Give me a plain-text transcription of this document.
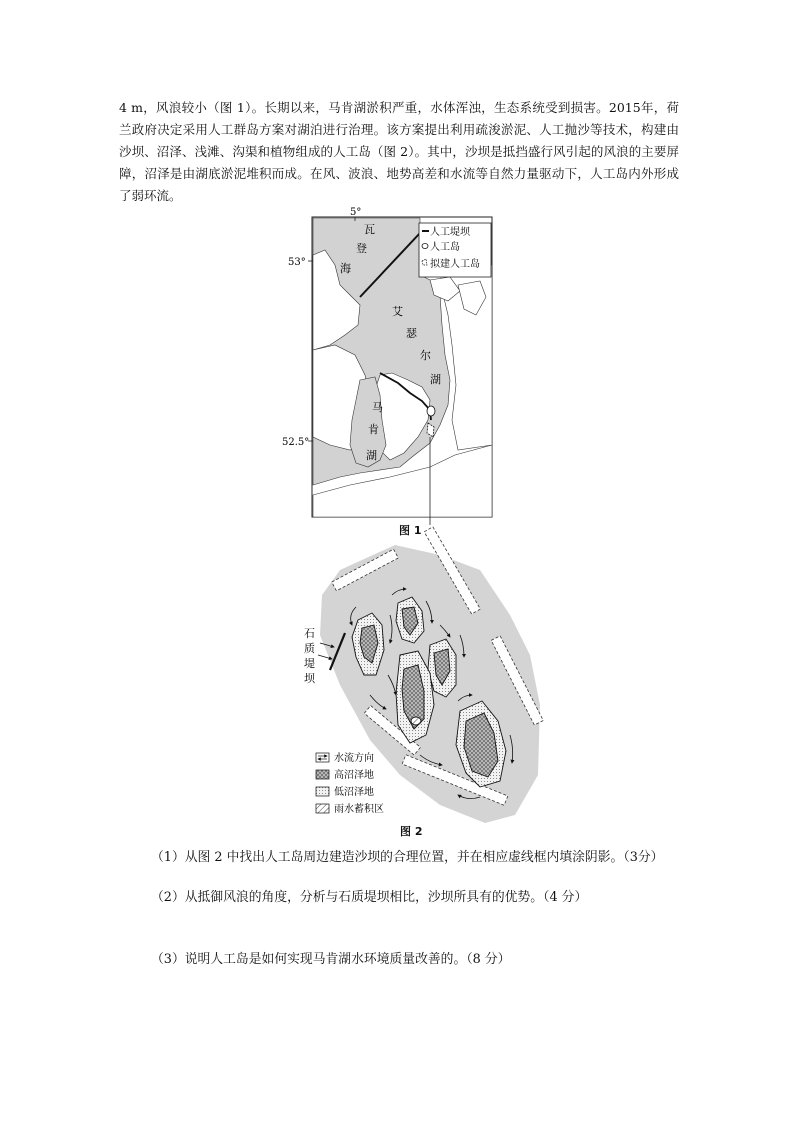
4 m，风浪较小（图 1）。长期以来，马肯湖淤积严重，水体浑浊，生态系统受到损害。2015年，荷兰政府决定采用人工群岛方案对湖泊进行治理。该方案提出利用疏浚淤泥、人工抛沙等技术，构建由沙坝、沼泽、浅滩、沟渠和植物组成的人工岛（图 2）。其中，沙坝是抵挡盛行风引起的风浪的主要屏障，沼泽是由湖底淤泥堆积而成。在风、波浪、地势高差和水流等自然力量驱动下，人工岛内外形成了弱环流。
人工堤坝
人工岛
拟建人工岛
5°
53°
52.5°
瓦
登
海
艾
瑟
尔
湖
马
肯
湖
图 1
石
质
堤
坝
水流方向
高沼泽地
低沼泽地
雨水蓄积区
图 2
（1）从图 2 中找出人工岛周边建造沙坝的合理位置，并在相应虚线框内填涂阴影。（3分）
（2）从抵御风浪的角度，分析与石质堤坝相比，沙坝所具有的优势。（4 分）
（3）说明人工岛是如何实现马肯湖水环境质量改善的。（8 分）
